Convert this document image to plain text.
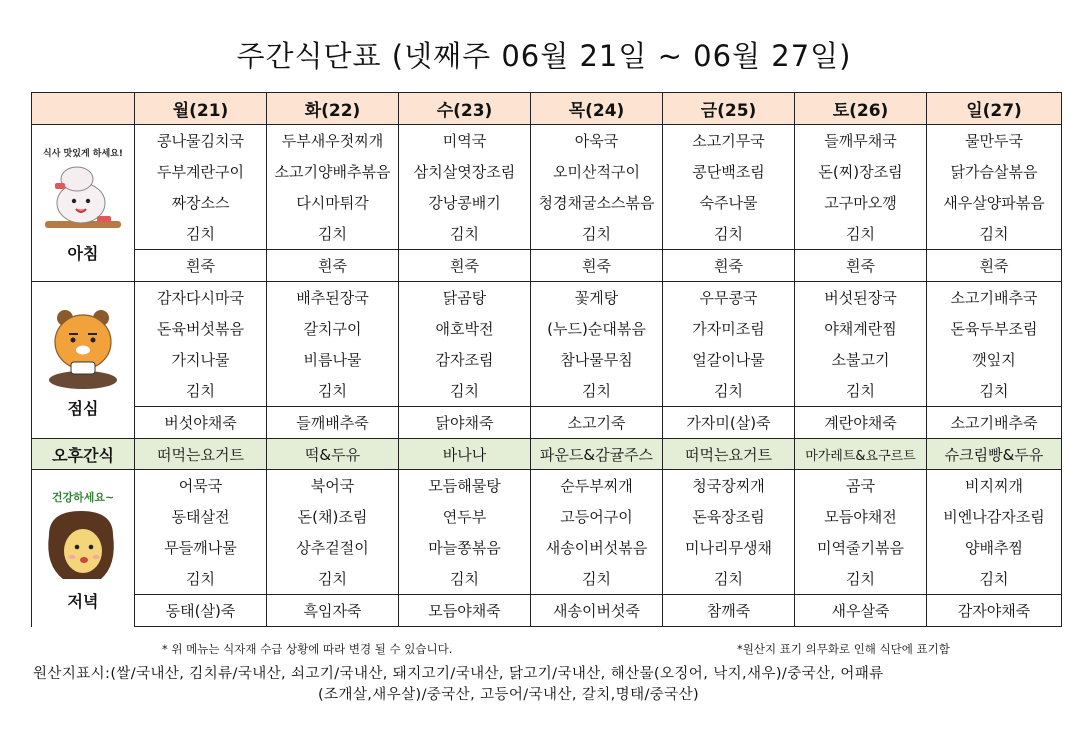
주간식단표 (넷째주 06월 21일 ~ 06월 27일)
	월(21)	화(22)	수(23)	목(24)	금(25)	토(26)	일(27)

식사 맛있게 하세요!
아침	콩나물김치국	두부새우젓찌개	미역국	아욱국	소고기무국	들깨무채국	물만두국
	두부계란구이	소고기양배추볶음	삼치살엿장조림	오미산적구이	콩단백조림	돈(찌)장조림	닭가슴살볶음
	짜장소스	다시마튀각	강낭콩배기	청경채굴소스볶음	숙주나물	고구마오깽	새우살양파볶음
	김치	김치	김치	김치	김치	김치	김치
	흰죽	흰죽	흰죽	흰죽	흰죽	흰죽	흰죽

점심	감자다시마국	배추된장국	닭곰탕	꽃게탕	우무콩국	버섯된장국	소고기배추국
	돈육버섯볶음	갈치구이	애호박전	(누드)순대볶음	가자미조림	야채계란찜	돈육두부조림
	가지나물	비름나물	감자조림	참나물무침	얼갈이나물	소불고기	깻잎지
	김치	김치	김치	김치	김치	김치	김치
	버섯야채죽	들깨배추죽	닭야채죽	소고기죽	가자미(살)죽	계란야채죽	소고기배추죽
오후간식	떠먹는요거트	떡&두유	바나나	파운드&감귤주스	떠먹는요거트	마가레트&요구르트	슈크림빵&두유

건강하세요~
저녁	어묵국	북어국	모듬해물탕	순두부찌개	청국장찌개	곰국	비지찌개
	동태살전	돈(채)조림	연두부	고등어구이	돈육장조림	모듬야채전	비엔나감자조림
	무들깨나물	상추겉절이	마늘쫑볶음	새송이버섯볶음	미나리무생채	미역줄기볶음	양배추찜
	김치	김치	김치	김치	김치	김치	김치
	동태(살)죽	흑임자죽	모듬야채죽	새송이버섯죽	참깨죽	새우살죽	감자야채죽
* 위 메뉴는 식자재 수급 상황에 따라 변경 될 수 있습니다.	*원산지 표기 의무화로 인해 식단에 표기함
원산지표시:(쌀/국내산, 김치류/국내산, 쇠고기/국내산, 돼지고기/국내산, 닭고기/국내산, 해산물(오징어, 낙지,새우)/중국산, 어패류
(조개살,새우살)/중국산, 고등어/국내산, 갈치,명태/중국산)
